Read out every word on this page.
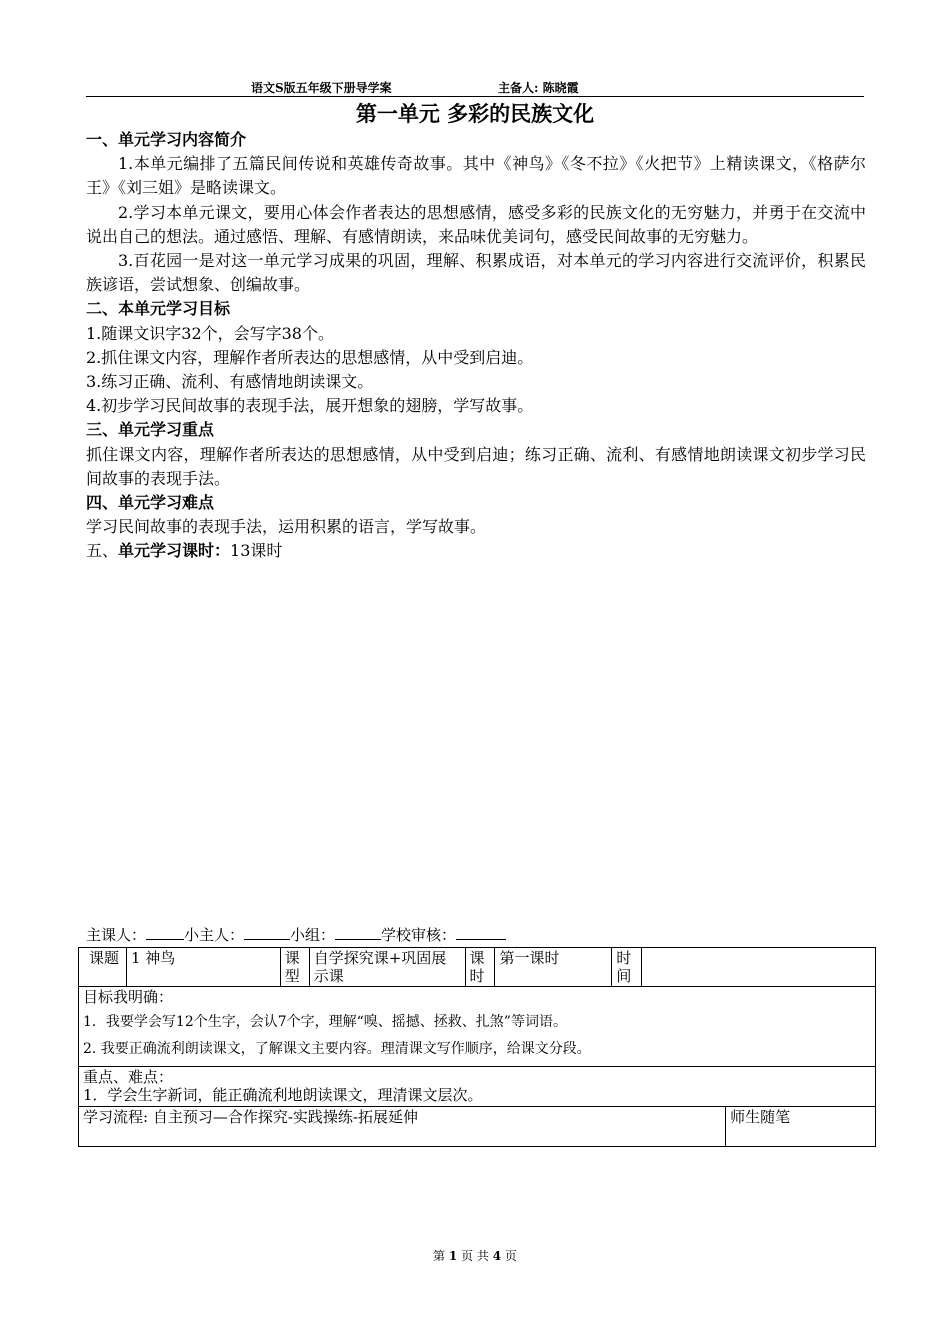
语文S版五年级下册导学案	主备人: 陈晓霞
第一单元 多彩的民族文化

一、单元学习内容简介

1.本单元编排了五篇民间传说和英雄传奇故事。其中《神鸟》《冬不拉》《火把节》上精读课文，《格萨尔王》《刘三姐》是略读课文。

2.学习本单元课文，要用心体会作者表达的思想感情，感受多彩的民族文化的无穷魅力，并勇于在交流中说出自己的想法。通过感悟、理解、有感情朗读，来品味优美词句，感受民间故事的无穷魅力。

3.百花园一是对这一单元学习成果的巩固，理解、积累成语，对本单元的学习内容进行交流评价，积累民族谚语，尝试想象、创编故事。

二、本单元学习目标

1.随课文识字32个，会写字38个。

2.抓住课文内容，理解作者所表达的思想感情，从中受到启迪。

3.练习正确、流利、有感情地朗读课文。

4.初步学习民间故事的表现手法，展开想象的翅膀，学写故事。

三、单元学习重点

抓住课文内容，理解作者所表达的思想感情，从中受到启迪；练习正确、流利、有感情地朗读课文初步学习民间故事的表现手法。

四、单元学习难点

学习民间故事的表现手法，运用积累的语言，学写故事。

五、单元学习课时：13课时

主课人：	小主人：	小组：	学校审核：
课题	1 神鸟	课型	自学探究课+巩固展示课	课时	第一课时	时间		

目标我明确：

1．我要学会写12个生字，会认7个字，理解“嗅、摇撼、拯救、扎煞”等词语。

2. 我要正确流利朗读课文，了解课文主要内容。理清课文写作顺序，给课文分段。								

重点、难点：

1．学会生字新词，能正确流利地朗读课文，理清课文层次。								

学习流程: 自主预习—合作探究-实践操练-拓展延伸								师生随笔
第 1 页 共 4 页
